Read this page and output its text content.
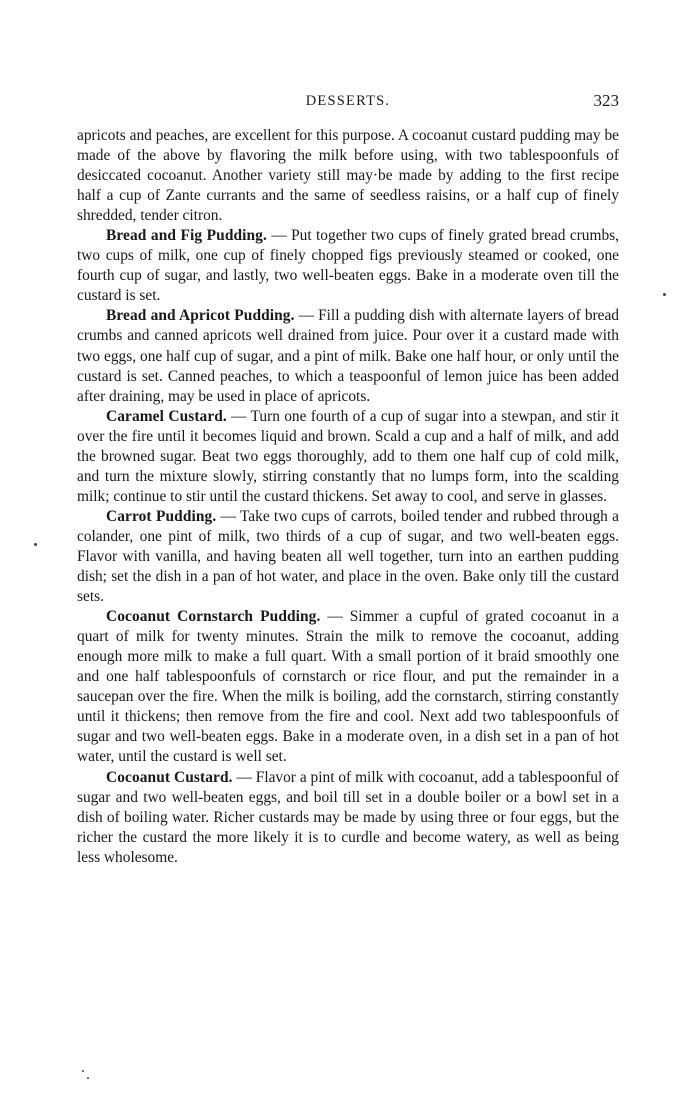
DESSERTS.	323

apricots and peaches, are excellent for this purpose. A cocoanut custard pudding may be made of the above by flavoring the milk before using, with two tablespoonfuls of desiccated cocoanut. Another variety still may·be made by adding to the first recipe half a cup of Zante currants and the same of seedless raisins, or a half cup of finely shredded, tender citron.

Bread and Fig Pudding. — Put together two cups of finely grated bread crumbs, two cups of milk, one cup of finely chopped figs previously steamed or cooked, one fourth cup of sugar, and lastly, two well-beaten eggs. Bake in a moderate oven till the custard is set.

Bread and Apricot Pudding. — Fill a pudding dish with alternate layers of bread crumbs and canned apricots well drained from juice. Pour over it a custard made with two eggs, one half cup of sugar, and a pint of milk. Bake one half hour, or only until the custard is set. Canned peaches, to which a teaspoonful of lemon juice has been added after draining, may be used in place of apricots.

Caramel Custard. — Turn one fourth of a cup of sugar into a stewpan, and stir it over the fire until it becomes liquid and brown. Scald a cup and a half of milk, and add the browned sugar. Beat two eggs thoroughly, add to them one half cup of cold milk, and turn the mixture slowly, stirring constantly that no lumps form, into the scalding milk; continue to stir until the custard thickens. Set away to cool, and serve in glasses.

Carrot Pudding. — Take two cups of carrots, boiled tender and rubbed through a colander, one pint of milk, two thirds of a cup of sugar, and two well-beaten eggs. Flavor with vanilla, and having beaten all well together, turn into an earthen pudding dish; set the dish in a pan of hot water, and place in the oven. Bake only till the custard sets.

Cocoanut Cornstarch Pudding. — Simmer a cupful of grated cocoanut in a quart of milk for twenty minutes. Strain the milk to remove the cocoanut, adding enough more milk to make a full quart. With a small portion of it braid smoothly one and one half tablespoonfuls of cornstarch or rice flour, and put the remainder in a saucepan over the fire. When the milk is boiling, add the cornstarch, stirring constantly until it thickens; then remove from the fire and cool. Next add two tablespoonfuls of sugar and two well-beaten eggs. Bake in a moderate oven, in a dish set in a pan of hot water, until the custard is well set.

Cocoanut Custard. — Flavor a pint of milk with cocoanut, add a tablespoonful of sugar and two well-beaten eggs, and boil till set in a double boiler or a bowl set in a dish of boiling water. Richer custards may be made by using three or four eggs, but the richer the custard the more likely it is to curdle and become watery, as well as being less wholesome.
